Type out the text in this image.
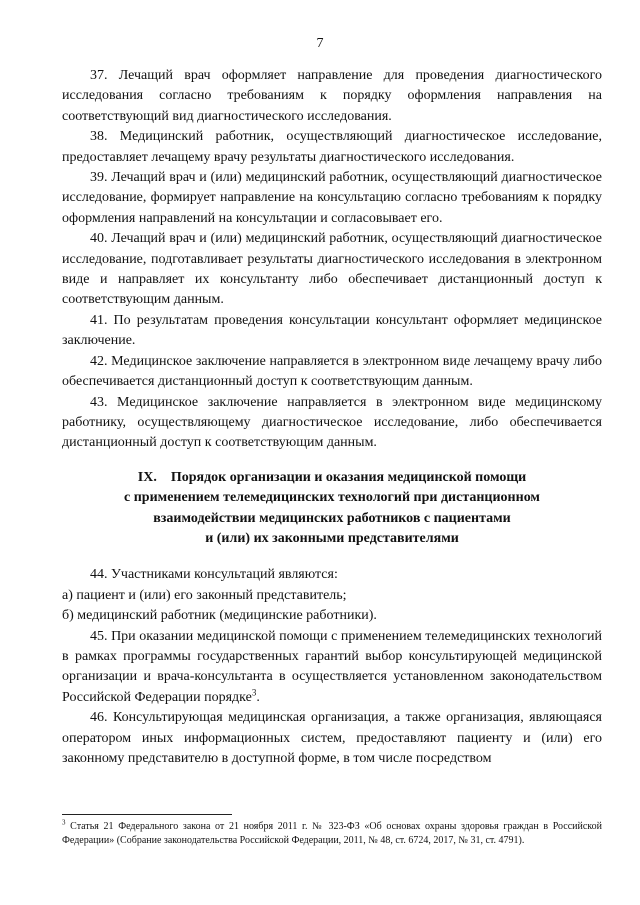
7

37. Лечащий врач оформляет направление для проведения диагностического исследования согласно требованиям к порядку оформления направления на соответствующий вид диагностического исследования.

38. Медицинский работник, осуществляющий диагностическое исследование, предоставляет лечащему врачу результаты диагностического исследования.

39. Лечащий врач и (или) медицинский работник, осуществляющий диагностическое исследование, формирует направление на консультацию согласно требованиям к порядку оформления направлений на консультации и согласовывает его.

40. Лечащий врач и (или) медицинский работник, осуществляющий диагностическое исследование, подготавливает результаты диагностического исследования в электронном виде и направляет их консультанту либо обеспечивает дистанционный доступ к соответствующим данным.

41. По результатам проведения консультации консультант оформляет медицинское заключение.

42. Медицинское заключение направляется в электронном виде лечащему врачу либо обеспечивается дистанционный доступ к соответствующим данным.

43. Медицинское заключение направляется в электронном виде медицинскому работнику, осуществляющему диагностическое исследование, либо обеспечивается дистанционный доступ к соответствующим данным.

IX. Порядок организации и оказания медицинской помощи
с применением телемедицинских технологий при дистанционном
взаимодействии медицинских работников с пациентами
и (или) их законными представителями

44. Участниками консультаций являются:

а) пациент и (или) его законный представитель;

б) медицинский работник (медицинские работники).

45. При оказании медицинской помощи с применением телемедицинских технологий в рамках программы государственных гарантий выбор консультирующей медицинской организации и врача-консультанта в осуществляется установленном законодательством Российской Федерации порядке$^3$.

46. Консультирующая медицинская организация, а также организация, являющаяся оператором иных информационных систем, предоставляют пациенту и (или) его законному представителю в доступной форме, в том числе посредством

$^3$ Статья 21 Федерального закона от 21 ноября 2011 г. № 323-ФЗ «Об основах охраны здоровья граждан в Российской Федерации» (Собрание законодательства Российской Федерации, 2011, № 48, ст. 6724, 2017, № 31, ст. 4791).
